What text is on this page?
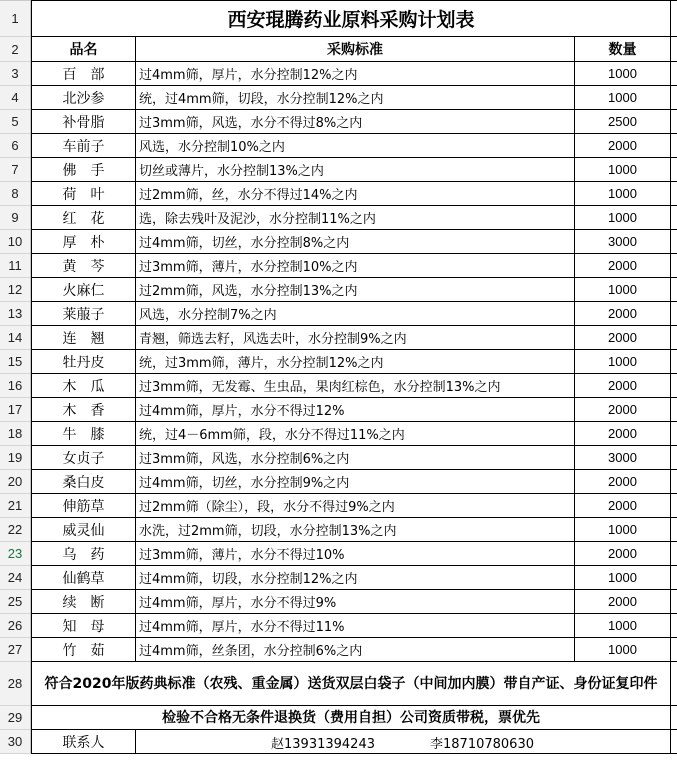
1	西安琨腾药业原料采购计划表
2	品名	采购标准	数量
3	百　部	过4mm筛，厚片，水分控制12%之内	1000
4	北沙参	统，过4mm筛，切段，水分控制12%之内	1000
5	补骨脂	过3mm筛，风选，水分不得过8%之内	2500
6	车前子	风选，水分控制10%之内	2000
7	佛　手	切丝或薄片，水分控制13%之内	1000
8	荷　叶	过2mm筛，丝，水分不得过14%之内	1000
9	红　花	选，除去残叶及泥沙，水分控制11%之内	1000
10	厚　朴	过4mm筛，切丝，水分控制8%之内	3000
11	黄　芩	过3mm筛，薄片，水分控制10%之内	2000
12	火麻仁	过2mm筛，风选，水分控制13%之内	1000
13	莱菔子	风选，水分控制7%之内	2000
14	连　翘	青翘，筛选去籽，风选去叶，水分控制9%之内	2000
15	牡丹皮	统，过3mm筛，薄片，水分控制12%之内	1000
16	木　瓜	过3mm筛，无发霉、生虫品，果肉红棕色，水分控制13%之内	2000
17	木　香	过4mm筛，厚片，水分不得过12%	2000
18	牛　膝	统，过4－6mm筛，段，水分不得过11%之内	2000
19	女贞子	过3mm筛，风选，水分控制6%之内	3000
20	桑白皮	过4mm筛，切丝，水分控制9%之内	2000
21	伸筋草	过2mm筛（除尘），段，水分不得过9%之内	2000
22	威灵仙	水洗，过2mm筛，切段，水分控制13%之内	1000
23	乌　药	过3mm筛，薄片，水分不得过10%	2000
24	仙鹤草	过4mm筛，切段，水分控制12%之内	1000
25	续　断	过4mm筛，厚片，水分不得过9%	2000
26	知　母	过4mm筛，厚片，水分不得过11%	1000
27	竹　茹	过4mm筛，丝条团，水分控制6%之内	1000
28	符合2020年版药典标准（农残、重金属）送货双层白袋子（中间加内膜）带自产证、身份证复印件
29	检验不合格无条件退换货（费用自担）公司资质带税，票优先
30	联系人	赵13931394243	李18710780630
